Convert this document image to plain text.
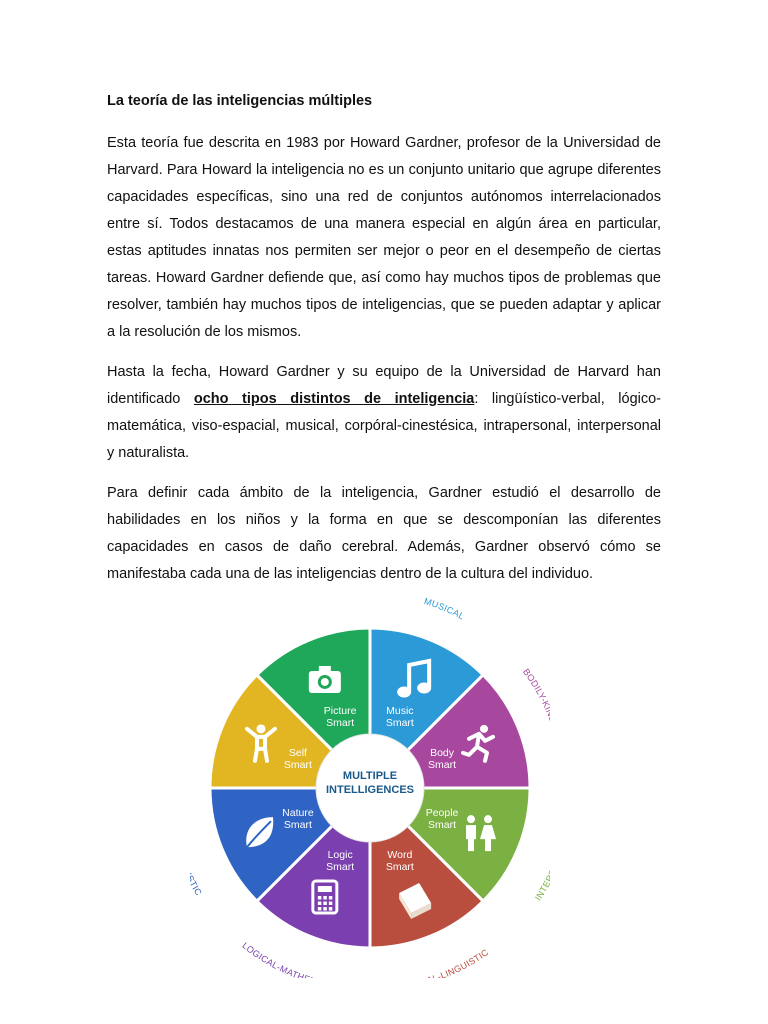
La teoría de las inteligencias múltiples

Esta teoría fue descrita en 1983 por Howard Gardner, profesor de la Universidad de Harvard. Para Howard la inteligencia no es un conjunto unitario que agrupe diferentes capacidades específicas, sino una red de conjuntos autónomos interrelacionados entre sí. Todos destacamos de una manera especial en algún área en particular, estas aptitudes innatas nos permiten ser mejor o peor en el desempeño de ciertas tareas. Howard Gardner defiende que, así como hay muchos tipos de problemas que resolver, también hay muchos tipos de inteligencias, que se pueden adaptar y aplicar a la resolución de los mismos.

Hasta la fecha, Howard Gardner y su equipo de la Universidad de Harvard han identificado ocho tipos distintos de inteligencia: lingüístico-verbal, lógico-matemática, viso-espacial, musical, corpóral-cinestésica, intrapersonal, interpersonal y naturalista.

Para definir cada ámbito de la inteligencia, Gardner estudió el desarrollo de habilidades en los niños y la forma en que se descomponían las diferentes capacidades en casos de daño cerebral. Además, Gardner observó cómo se manifestaba cada una de las inteligencias dentro de la cultura del individuo.

Music
Smart
Body
Smart
People
Smart
Word
Smart
Logic
Smart
Nature
Smart
Self
Smart
Picture
Smart
MUSICAL
BODILY-
INT
-LINGUISTIC
LOGICAL-MATH
IC
MULTIPLE
INTELLIGENCES
